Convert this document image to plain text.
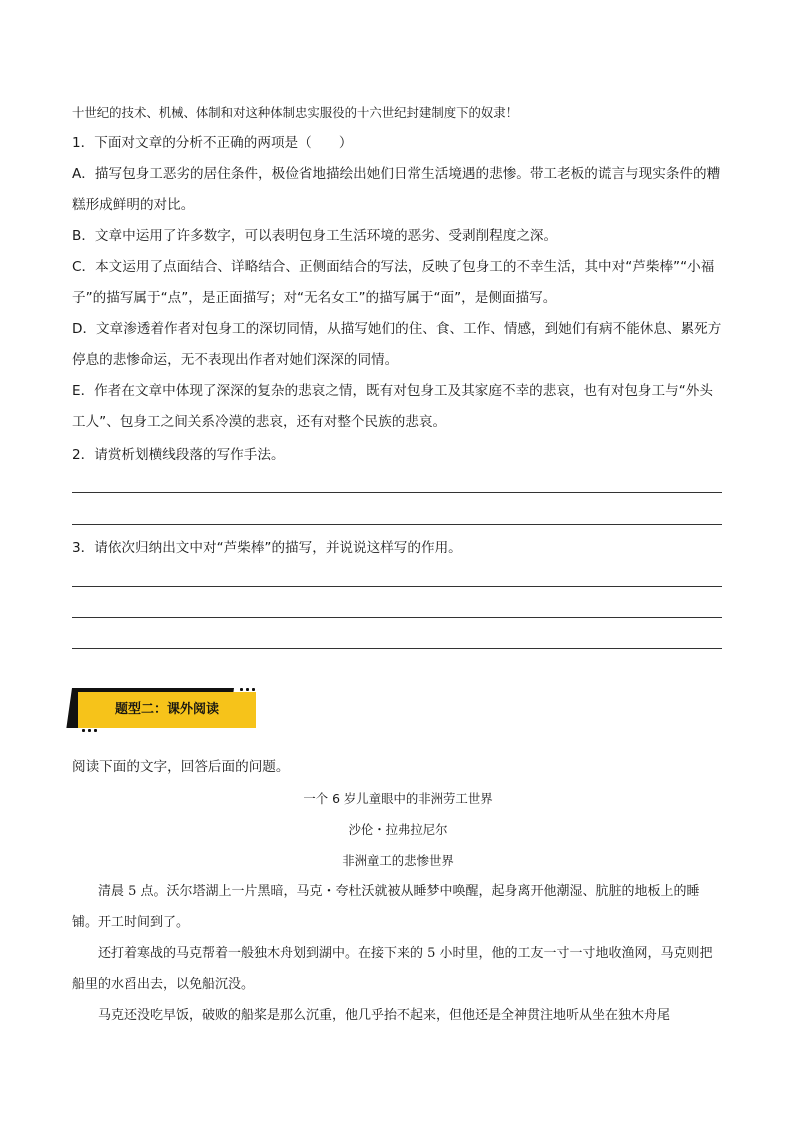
十世纪的技术、机械、体制和对这种体制忠实服役的十六世纪封建制度下的奴隶！

1．下面对文章的分析不正确的两项是（　　）

A．描写包身工恶劣的居住条件，极俭省地描绘出她们日常生活境遇的悲惨。带工老板的谎言与现实条件的糟糕形成鲜明的对比。

B．文章中运用了许多数字，可以表明包身工生活环境的恶劣、受剥削程度之深。

C．本文运用了点面结合、详略结合、正侧面结合的写法，反映了包身工的不幸生活，其中对“芦柴棒”“小福子”的描写属于“点”，是正面描写；对“无名女工”的描写属于“面”，是侧面描写。

D．文章渗透着作者对包身工的深切同情，从描写她们的住、食、工作、情感，到她们有病不能休息、累死方停息的悲惨命运，无不表现出作者对她们深深的同情。

E．作者在文章中体现了深深的复杂的悲哀之情，既有对包身工及其家庭不幸的悲哀，也有对包身工与“外头工人”、包身工之间关系冷漠的悲哀，还有对整个民族的悲哀。

2．请赏析划横线段落的写作手法。

3．请依次归纳出文中对“芦柴棒”的描写，并说说这样写的作用。

题型二：课外阅读

阅读下面的文字，回答后面的问题。

一个 6 岁儿童眼中的非洲劳工世界

沙伦・拉弗拉尼尔

非洲童工的悲惨世界

清晨 5 点。沃尔塔湖上一片黑暗，马克・夸杜沃就被从睡梦中唤醒，起身离开他潮湿、肮脏的地板上的睡铺。开工时间到了。

还打着寒战的马克帮着一般独木舟划到湖中。在接下来的 5 小时里，他的工友一寸一寸地收渔网，马克则把船里的水舀出去，以免船沉没。

马克还没吃早饭，破败的船桨是那么沉重，他几乎抬不起来，但他还是全神贯注地听从坐在独木舟尾
